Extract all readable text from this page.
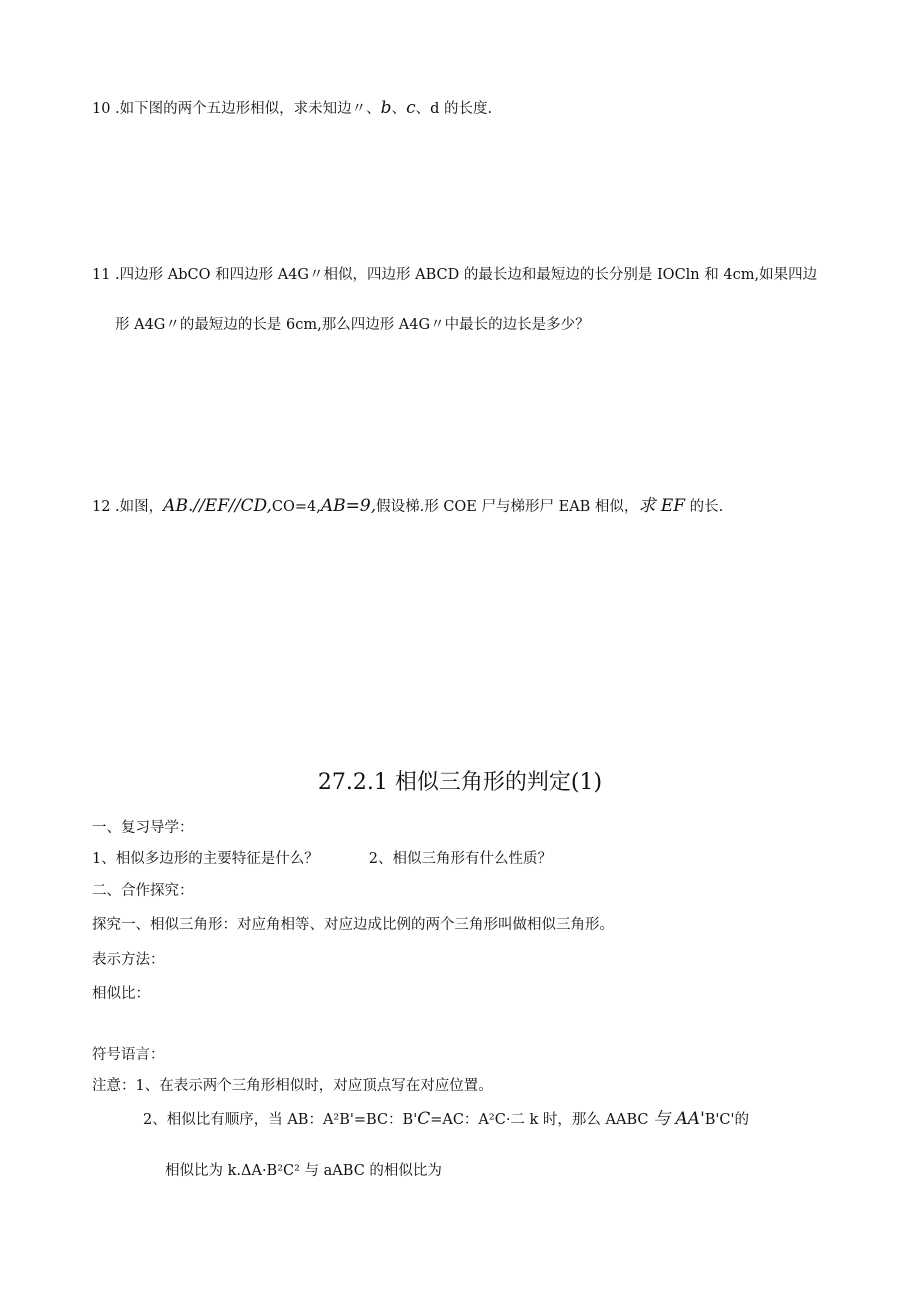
10 .如下图的两个五边形相似，求未知边〃、b、c、d 的长度.
11 .四边形 AbCO 和四边形 A4G〃相似，四边形 ABCD 的最长边和最短边的长分别是 IOCln 和 4cm,如果四边
形 A4G〃的最短边的长是 6cm,那么四边形 A4G〃中最长的边长是多少？
12 .如图，AB.//EF//CD,CO=4,AB=9,假设梯.形 COE 尸与梯形尸 EAB 相似，求 EF 的长.
27.2.1 相似三角形的判定(1)
一、复习导学：
1、相似多边形的主要特征是什么？	2、相似三角形有什么性质？
二、合作探究：
探究一、相似三角形：对应角相等、对应边成比例的两个三角形叫做相似三角形。
表示方法：
相似比：
符号语言：
注意：1、在表示两个三角形相似时，对应顶点写在对应位置。
2、相似比有顺序，当 AB：A²B'=BC：B'C=AC：A²C·二 k 时，那么 AABC 与 AA'B'C'的
相似比为 k.ΔA·B²C² 与 aABC 的相似比为
